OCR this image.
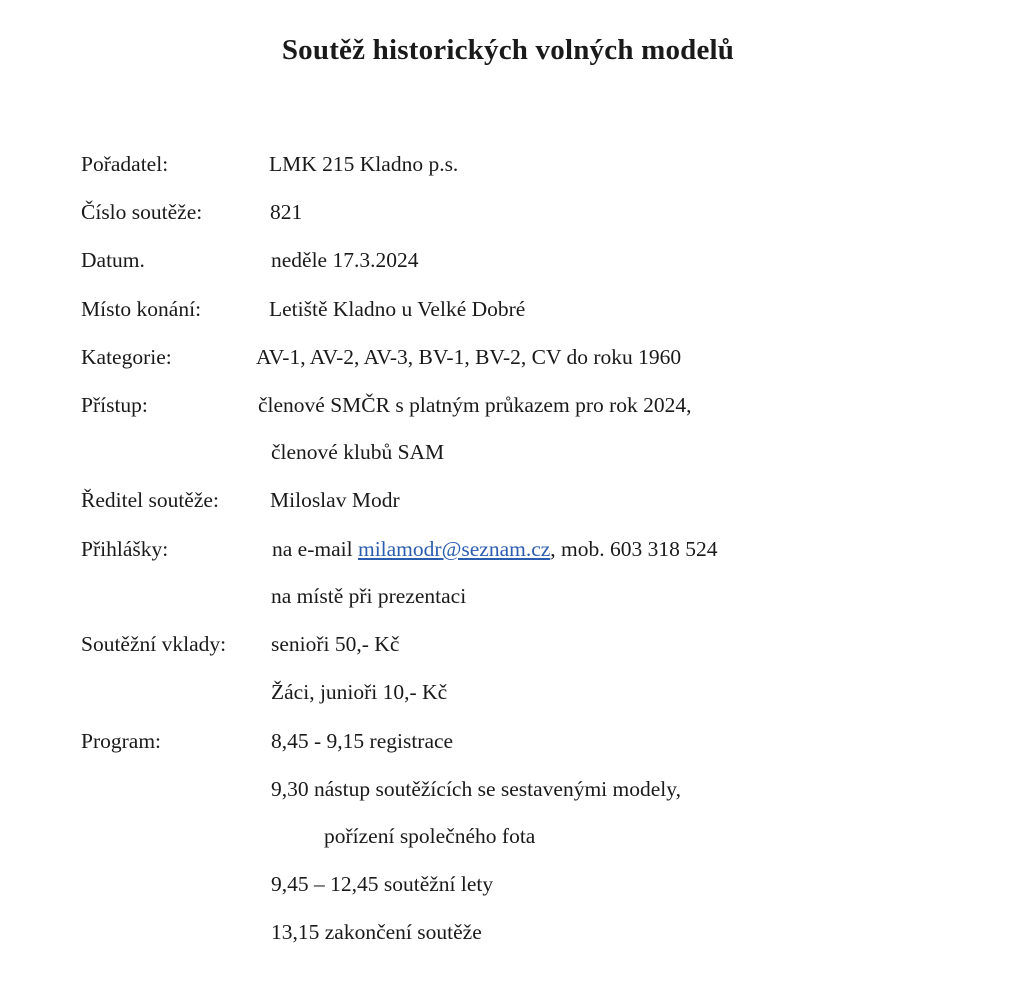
Soutěž historických volných modelů
Pořadatel:	LMK 215 Kladno p.s.
Číslo soutěže:	821
Datum.	neděle 17.3.2024
Místo konání:	Letiště Kladno u Velké Dobré
Kategorie:	AV-1, AV-2, AV-3, BV-1, BV-2, CV do roku 1960
Přístup:	členové SMČR s platným průkazem pro rok 2024,
členové klubů SAM
Ředitel soutěže: Miloslav Modr
Přihlášky:	na e-mail milamodr@seznam.cz, mob. 603 318 524
na místě při prezentaci
Soutěžní vklady: senioři 50,- Kč
Žáci, junioři 10,- Kč
Program:	8,45 - 9,15 registrace
9,30 nástup soutěžících se sestavenými modely,
pořízení společného fota
9,45 – 12,45 soutěžní lety
13,15 zakončení soutěže
